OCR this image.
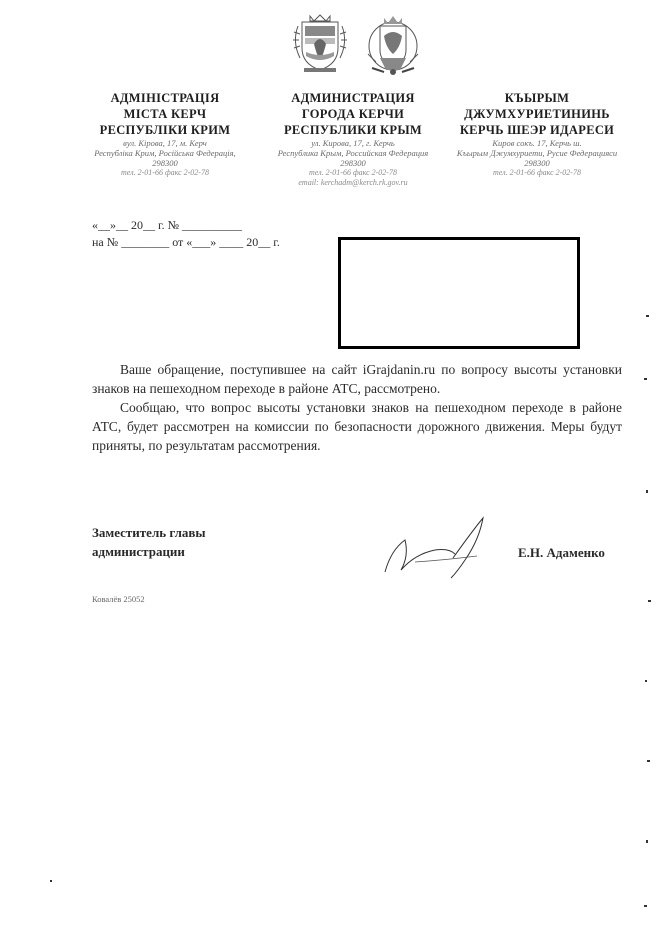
АДМІНІСТРАЦІЯ
МІСТА КЕРЧ
РЕСПУБЛІКИ КРИМ
вул. Кірова, 17, м. Керч
Республіка Крим, Російська Федерація,
298300
тел. 2-01-66 факс 2-02-78
АДМИНИСТРАЦИЯ
ГОРОДА КЕРЧИ
РЕСПУБЛИКИ КРЫМ
ул. Кирова, 17, г. Керчь
Республика Крым, Российская Федерация
298300
тел. 2-01-66 факс 2-02-78
email: kerchadm@kerch.rk.gov.ru
КЪЫРЫМ
ДЖУМХУРИЕТИНИНЬ
КЕРЧЬ ШЕЭР ИДАРЕСИ
Киров сокъ. 17, Керчь ш.
Къырым Джумхуриети, Русие Федерацияси
298300
тел. 2-01-66 факс 2-02-78
«__»__ 20__ г. № __________
на № ________ от «___» ____ 20__ г.

Ваше обращение, поступившее на сайт iGrajdanin.ru по вопросу высоты установки знаков на пешеходном переходе в районе АТС, рассмотрено.

Сообщаю, что вопрос высоты установки знаков на пешеходном переходе в районе АТС, будет рассмотрен на комиссии по безопасности дорожного движения. Меры будут приняты, по результатам рассмотрения.

Заместитель главы
администрации	Е.Н. Адаменко
Ковалёв 25052
